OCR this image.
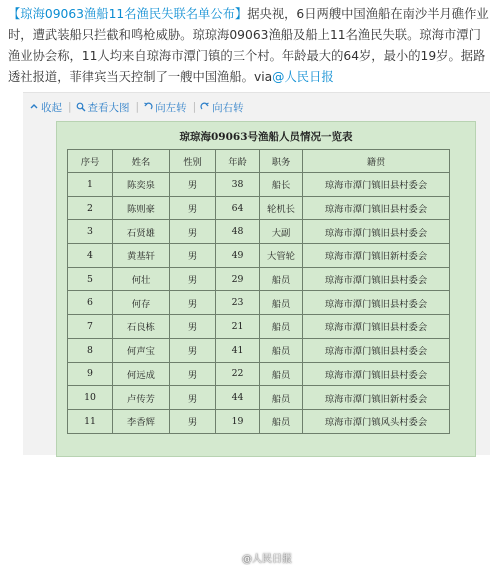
【琼海09063渔船11名渔民失联名单公布】据央视，6日两艘中国渔船在南沙半月礁作业时，遭武装船只拦截和鸣枪威胁。琼琼海09063渔船及船上11名渔民失联。琼海市潭门渔业协会称，11人均来自琼海市潭门镇的三个村。年龄最大的64岁，最小的19岁。据路透社报道，菲律宾当天控制了一艘中国渔船。via@人民日报
收起 | 查看大图 | 向左转 | 向右转
琼琼海09063号渔船人员情况一览表
序号	姓名	性别	年龄	职务	籍贯
1	陈奕泉	男	38	船长	琼海市潭门镇旧县村委会
2	陈则豪	男	64	轮机长	琼海市潭门镇旧县村委会
3	石贤雄	男	48	大副	琼海市潭门镇旧县村委会
4	黄基轩	男	49	大管轮	琼海市潭门镇旧新村委会
5	何壮	男	29	船员	琼海市潭门镇旧县村委会
6	何存	男	23	船员	琼海市潭门镇旧县村委会
7	石良栋	男	21	船员	琼海市潭门镇旧县村委会
8	何声宝	男	41	船员	琼海市潭门镇旧县村委会
9	何远成	男	22	船员	琼海市潭门镇旧县村委会
10	卢传芳	男	44	船员	琼海市潭门镇旧新村委会
11	李香辉	男	19	船员	琼海市潭门镇风头村委会
@人民日报
